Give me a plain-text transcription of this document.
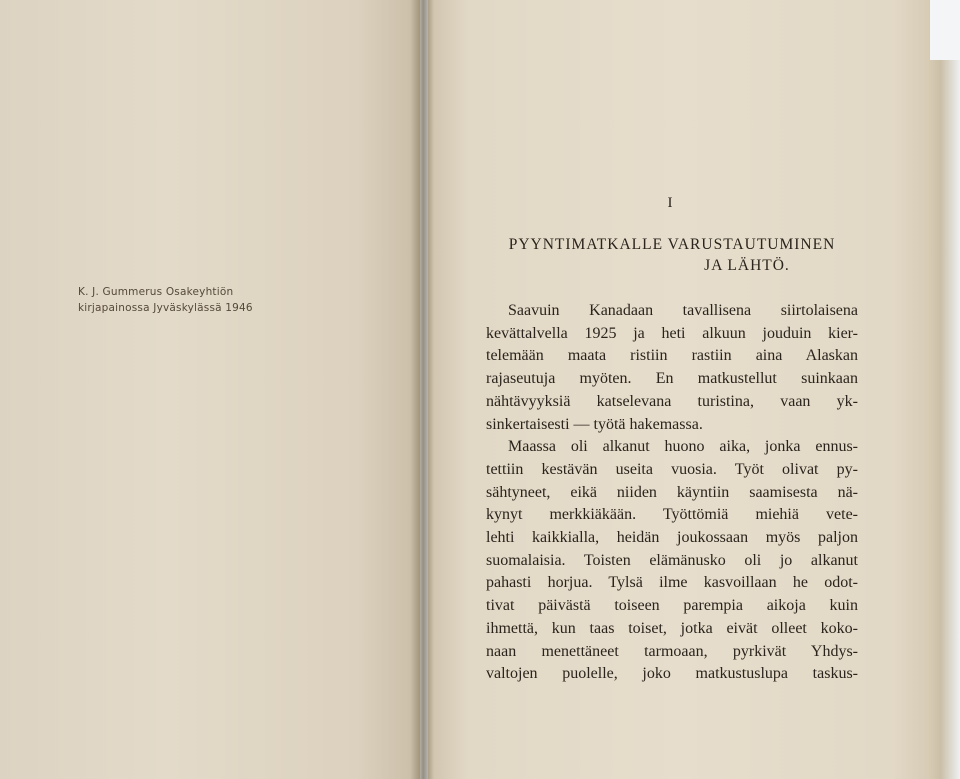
K. J. Gummerus Osakeyhtiön
kirjapainossa Jyväskylässä 1946
I
PYYNTIMATKALLE VARUSTAUTUMINEN
JA LÄHTÖ.
Saavuin Kanadaan tavallisena siirtolaisena
kevättalvella 1925 ja heti alkuun jouduin kier-
telemään maata ristiin rastiin aina Alaskan
rajaseutuja myöten. En matkustellut suinkaan
nähtävyyksiä katselevana turistina, vaan yk-
sinkertaisesti — työtä hakemassa.
Maassa oli alkanut huono aika, jonka ennus-
tettiin kestävän useita vuosia. Työt olivat py-
sähtyneet, eikä niiden käyntiin saamisesta nä-
kynyt merkkiäkään. Työttömiä miehiä vete-
lehti kaikkialla, heidän joukossaan myös paljon
suomalaisia. Toisten elämänusko oli jo alkanut
pahasti horjua. Tylsä ilme kasvoillaan he odot-
tivat päivästä toiseen parempia aikoja kuin
ihmettä, kun taas toiset, jotka eivät olleet koko-
naan menettäneet tarmoaan, pyrkivät Yhdys-
valtojen puolelle, joko matkustuslupa taskus-
